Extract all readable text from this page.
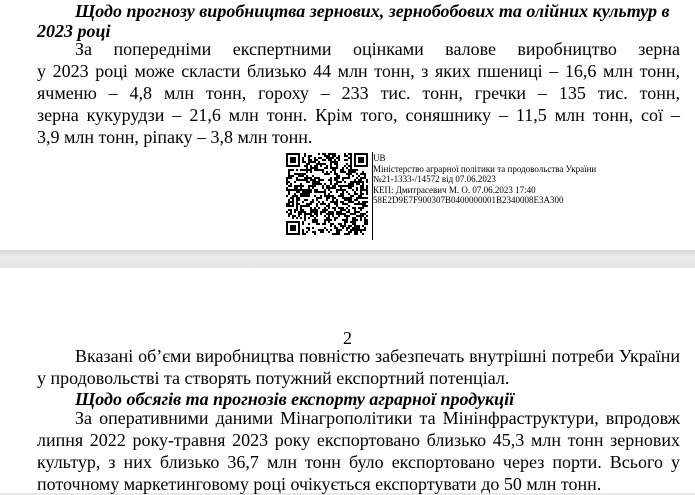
Щодо прогнозу виробництва зернових, зернобобових та олійних культур в
2023 році
За попередніми експертними оцінками валове виробництво зерна
у 2023 році може скласти близько 44 млн тонн, з яких пшениці – 16,6 млн тонн,
ячменю – 4,8 млн тонн, гороху – 233 тис. тонн, гречки – 135 тис. тонн,
зерна кукурудзи – 21,6 млн тонн. Крім того, соняшнику – 11,5 млн тонн, сої –
3,9 млн тонн, ріпаку – 3,8 млн тонн.
UB
Міністерство аграрної політики та продовольства України
№21-1333-/14572 від 07.06.2023
КЕП: Дмитрасевич М. О. 07.06.2023 17:40
58E2D9E7F900307B0400000001B2340008E3A300
2
Вказані об’єми виробництва повністю забезпечать внутрішні потреби України
у продовольстві та створять потужний експортний потенціал.
Щодо обсягів та прогнозів експорту аграрної продукції
За оперативними даними Мінагрополітики та Мінінфраструктури, впродовж
липня 2022 року-травня 2023 року експортовано близько 45,3 млн тонн зернових
культур, з них близько 36,7 млн тонн було експортовано через порти. Всього у
поточному маркетинговому році очікується експортувати до 50 млн тонн.
